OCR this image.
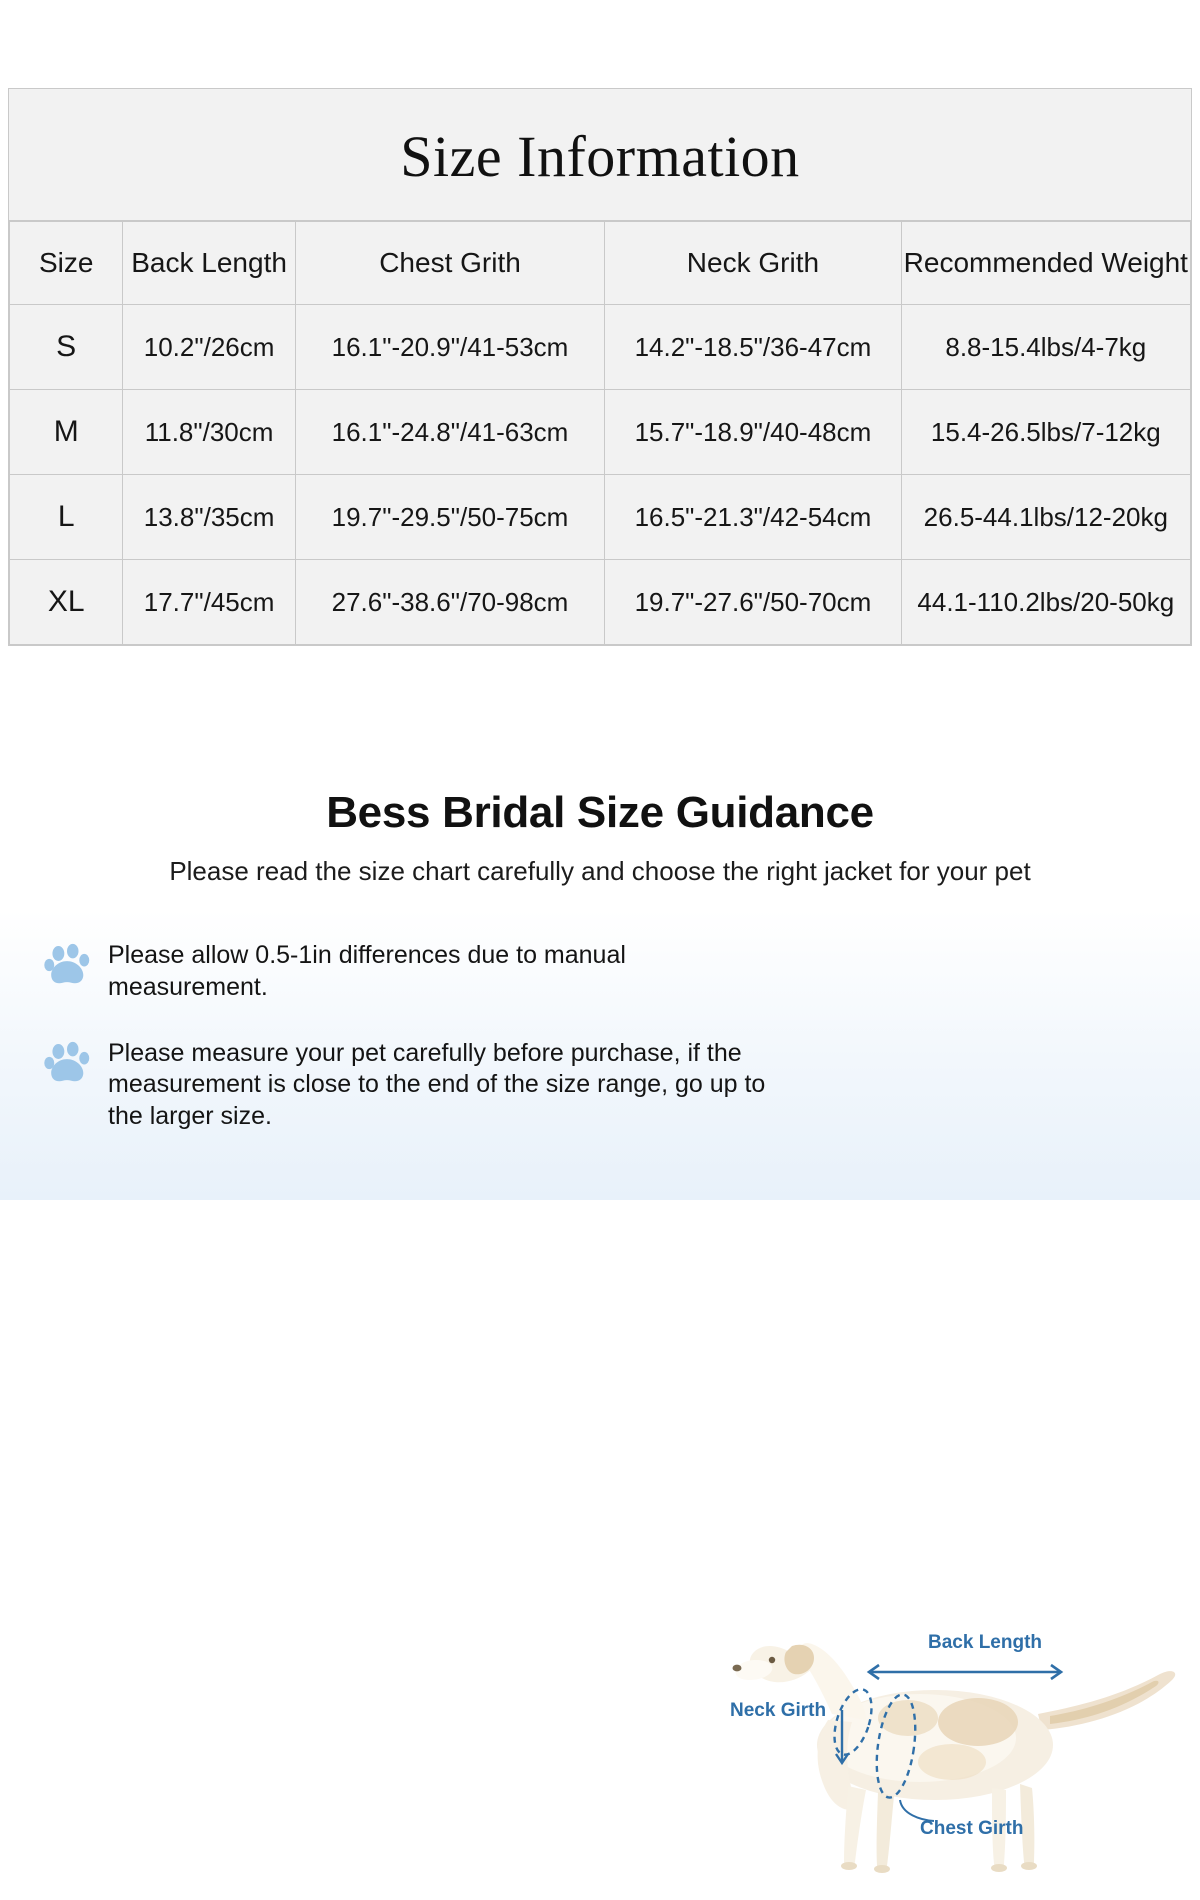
Size Information
Size	Back Length	Chest Grith	Neck Grith	Recommended Weight
S	10.2"/26cm	16.1"-20.9"/41-53cm	14.2"-18.5"/36-47cm	8.8-15.4lbs/4-7kg
M	11.8"/30cm	16.1"-24.8"/41-63cm	15.7"-18.9"/40-48cm	15.4-26.5lbs/7-12kg
L	13.8"/35cm	19.7"-29.5"/50-75cm	16.5"-21.3"/42-54cm	26.5-44.1lbs/12-20kg
XL	17.7"/45cm	27.6"-38.6"/70-98cm	19.7"-27.6"/50-70cm	44.1-110.2lbs/20-50kg
Bess Bridal Size Guidance
Please read the size chart carefully and choose the right jacket for your pet
Please allow 0.5-1in differences due to manual measurement.
Please measure your pet carefully before purchase, if the measurement is close to the end of the size range, go up to the larger size.
Back Length
Neck Girth
Chest Girth
